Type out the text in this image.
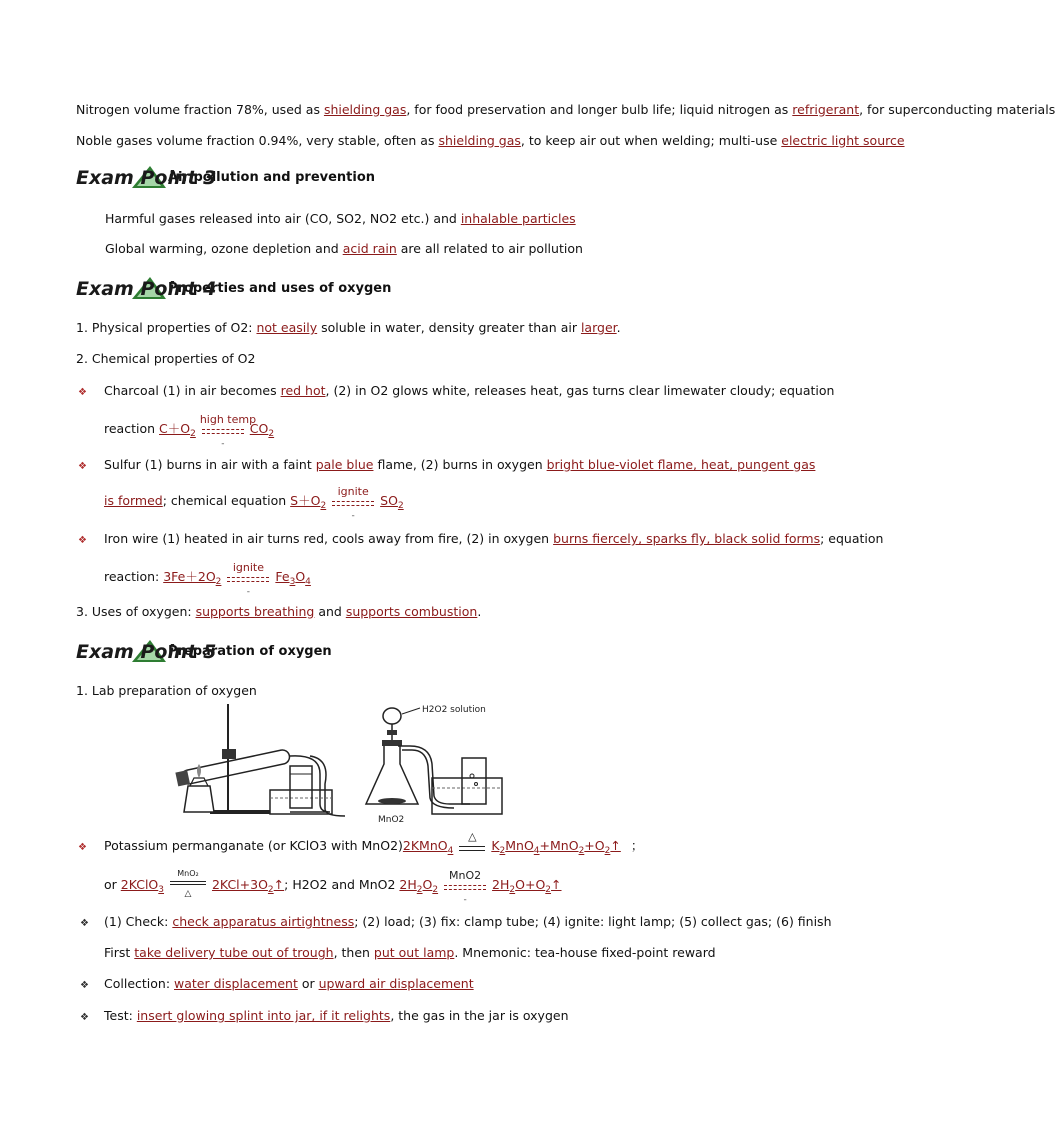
Nitrogen volume fraction 78%, used as shielding gas, for food preservation and longer bulb life; liquid nitrogen as refrigerant, for superconducting materials
Noble gases volume fraction 0.94%, very stable, often as shielding gas, to keep air out when welding; multi-use electric light source
Exam Point 3
Air pollution and prevention
Harmful gases released into air (CO, SO2, NO2 etc.) and inhalable particles
Global warming, ozone depletion and acid rain are all related to air pollution
Exam Point 4
Properties and uses of oxygen
1. Physical properties of O2: not easily soluble in water, density greater than air larger.
2. Chemical properties of O2
❖ Charcoal (1) in air becomes red hot, (2) in O2 glows white, releases heat, gas turns clear limewater cloudy; equation
reaction $C+O_2$
high temp
-
$CO_2$
❖ Sulfur (1) burns in air with a faint pale blue flame, (2) burns in oxygen bright blue-violet flame, heat, pungent gas
is formed; chemical equation $S+O_2$
ignite
-
$SO_2$
❖ Iron wire (1) heated in air turns red, cools away from fire, (2) in oxygen burns fiercely, sparks fly, black solid forms; equation
reaction: $3Fe+2O_2$
ignite
-
$Fe_3O_4$
3. Uses of oxygen: supports breathing and supports combustion.
Exam Point 5
Preparation of oxygen
1. Lab preparation of oxygen
H2O2 solution
MnO2
❖ Potassium permanganate (or KClO3 with MnO2)2KMnO$_4$
△
$K_2MnO_4+MnO_2+O_2↑$ ；
or 2KClO$_3$
MnO₂
△
$2KCl+3O_2↑$; H2O2 and MnO2 $2H_2O_2$
MnO2
-
$2H_2O+O_2↑$
❖ (1) Check: check apparatus airtightness; (2) load; (3) fix: clamp tube; (4) ignite: light lamp; (5) collect gas; (6) finish
First take delivery tube out of trough, then put out lamp. Mnemonic: tea-house fixed-point reward
❖ Collection: water displacement or upward air displacement
❖ Test: insert glowing splint into jar, if it relights, the gas in the jar is oxygen
